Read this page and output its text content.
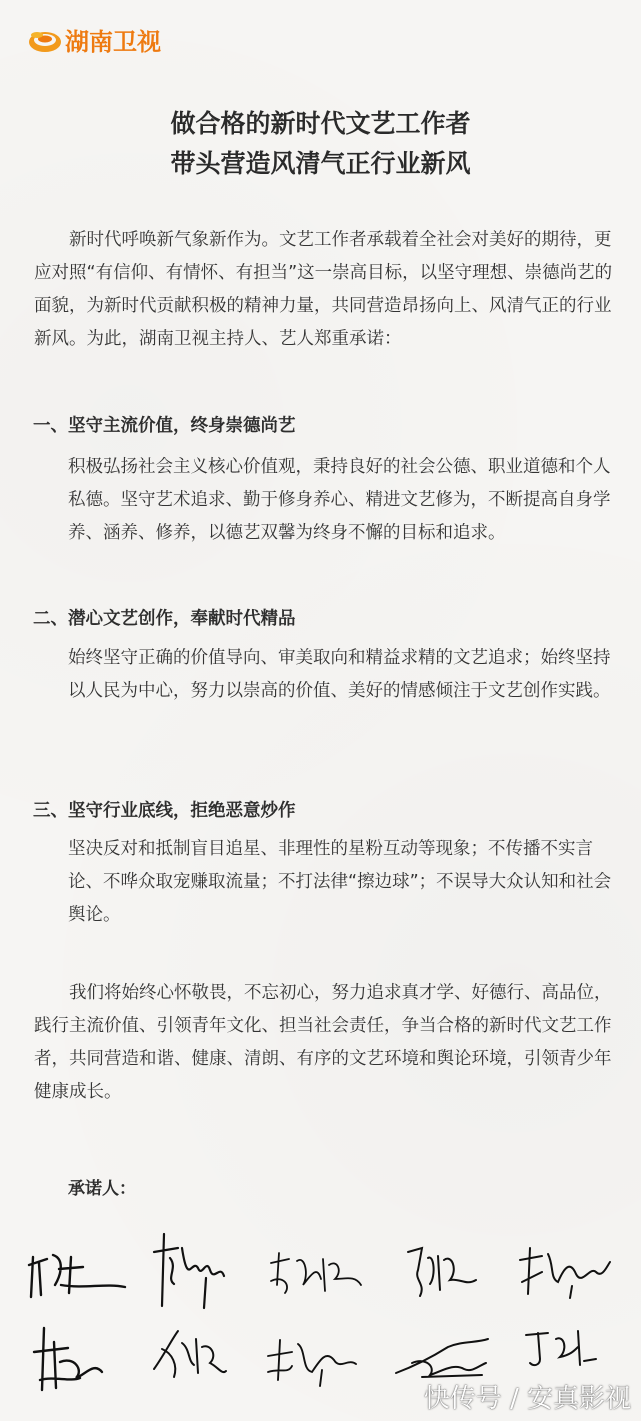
湖南卫视
做合格的新时代文艺工作者
带头营造风清气正行业新风
新时代呼唤新气象新作为。文艺工作者承载着全社会对美好的期待，更应对照“有信仰、有情怀、有担当”这一崇高目标，以坚守理想、崇德尚艺的面貌，为新时代贡献积极的精神力量，共同营造昂扬向上、风清气正的行业新风。为此，湖南卫视主持人、艺人郑重承诺：
一、坚守主流价值，终身崇德尚艺
积极弘扬社会主义核心价值观，秉持良好的社会公德、职业道德和个人私德。坚守艺术追求、勤于修身养心、精进文艺修为，不断提高自身学养、涵养、修养，以德艺双馨为终身不懈的目标和追求。
二、潜心文艺创作，奉献时代精品
始终坚守正确的价值导向、审美取向和精益求精的文艺追求；始终坚持以人民为中心，努力以崇高的价值、美好的情感倾注于文艺创作实践。
三、坚守行业底线，拒绝恶意炒作
坚决反对和抵制盲目追星、非理性的星粉互动等现象；不传播不实言论、不哗众取宠赚取流量；不打法律“擦边球”；不误导大众认知和社会舆论。
我们将始终心怀敬畏，不忘初心，努力追求真才学、好德行、高品位，践行主流价值、引领青年文化、担当社会责任，争当合格的新时代文艺工作者，共同营造和谐、健康、清朗、有序的文艺环境和舆论环境，引领青少年健康成长。
承诺人：
快传号 / 安真影视
